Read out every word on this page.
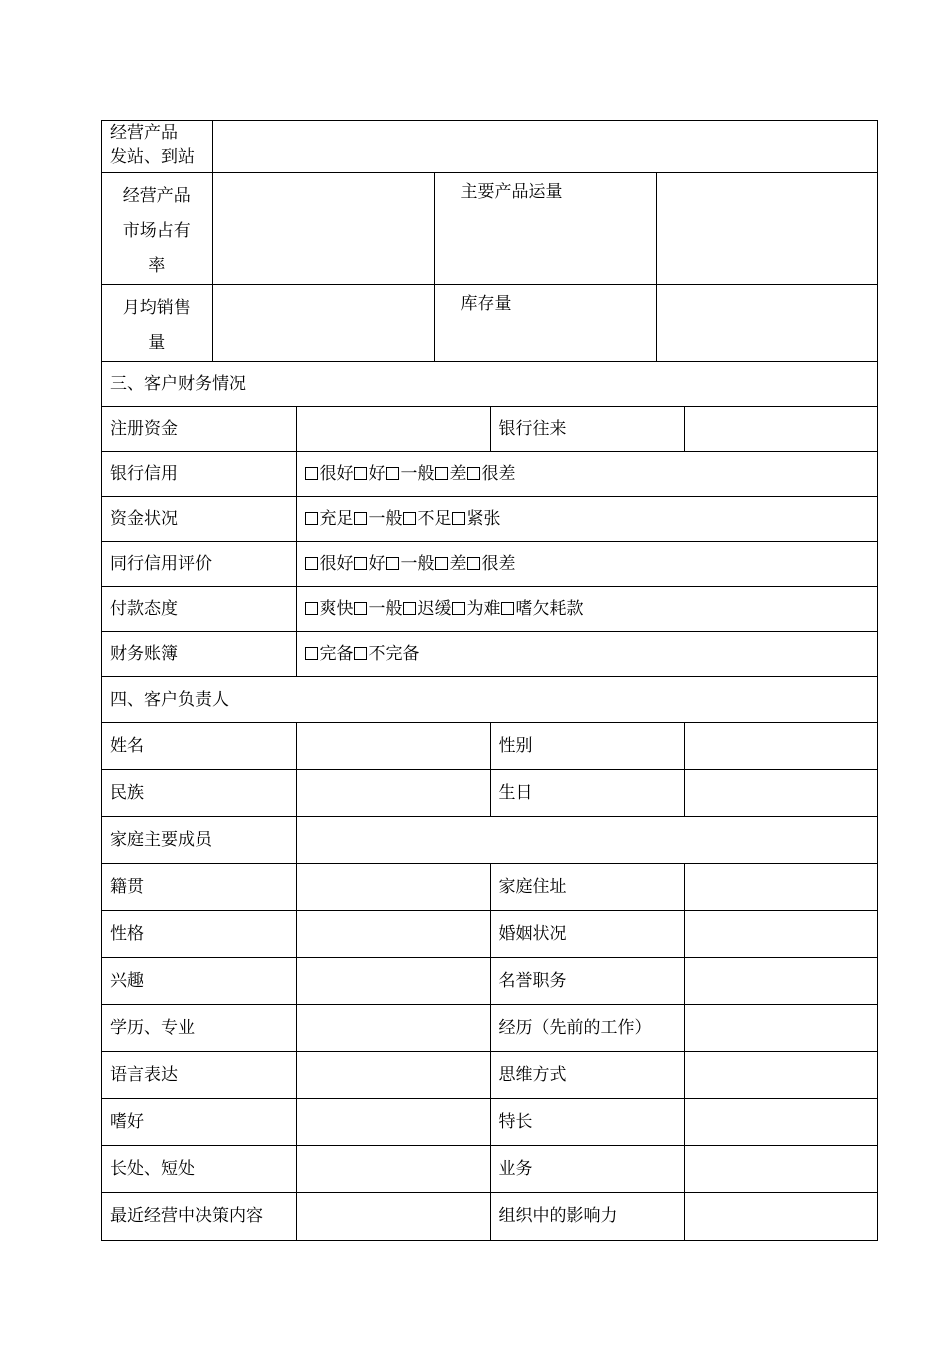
经营产品
发站、到站			

经营产品
市场占有
率		主要产品运量	

月均销售
量		库存量	
三、客户财务情况			
注册资金		银行往来	
银行信用	很好 好 一般 差 很差		
资金状况	充足 一般 不足 紧张		
同行信用评价	很好 好 一般 差 很差		
付款态度	爽快 一般 迟缓 为难 嗜欠耗款		
财务账簿	完备 不完备		
四、客户负责人			
姓名		性别	
民族		生日	
家庭主要成员			
籍贯		家庭住址	
性格		婚姻状况	
兴趣		名誉职务	
学历、专业		经历（先前的工作）	
语言表达		思维方式	
嗜好		特长	
长处、短处		业务	
最近经营中决策内容		组织中的影响力	
